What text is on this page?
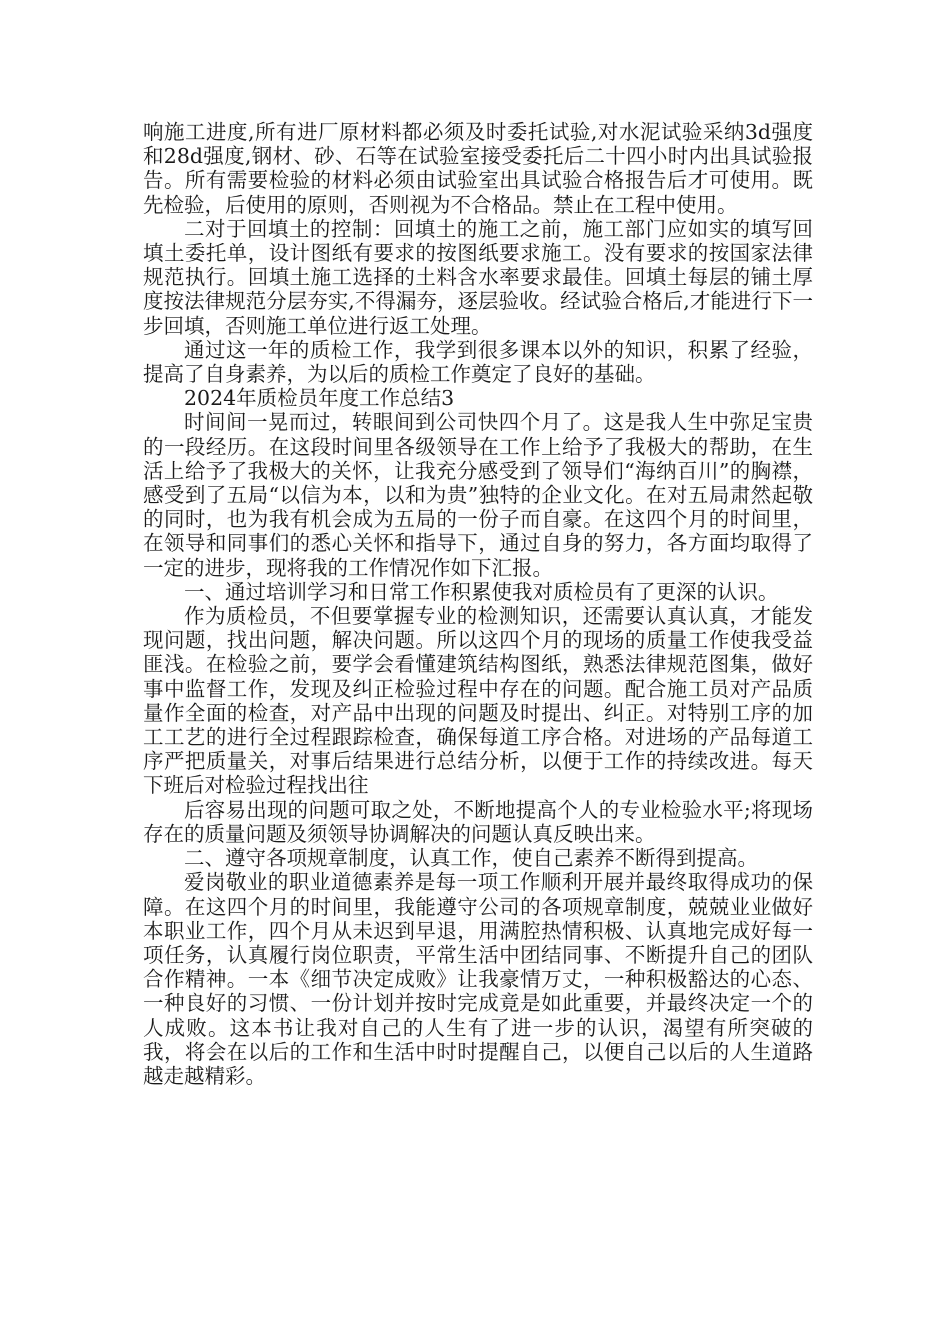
响施工进度,所有进厂原材料都必须及时委托试验,对水泥试验采纳3d强度和28d强度,钢材、砂、石等在试验室接受委托后二十四小时内出具试验报告。所有需要检验的材料必须由试验室出具试验合格报告后才可使用。既先检验，后使用的原则，否则视为不合格品。禁止在工程中使用。

二对于回填土的控制：回填土的施工之前，施工部门应如实的填写回填土委托单，设计图纸有要求的按图纸要求施工。没有要求的按国家法律规范执行。回填土施工选择的土料含水率要求最佳。回填土每层的铺土厚度按法律规范分层夯实,不得漏夯，逐层验收。经试验合格后,才能进行下一步回填，否则施工单位进行返工处理。

通过这一年的质检工作，我学到很多课本以外的知识，积累了经验，提高了自身素养，为以后的质检工作奠定了良好的基础。

2024年质检员年度工作总结3

时间间一晃而过，转眼间到公司快四个月了。这是我人生中弥足宝贵的一段经历。在这段时间里各级领导在工作上给予了我极大的帮助，在生活上给予了我极大的关怀，让我充分感受到了领导们“海纳百川”的胸襟，感受到了五局“以信为本，以和为贵”独特的企业文化。在对五局肃然起敬的同时，也为我有机会成为五局的一份子而自豪。在这四个月的时间里，在领导和同事们的悉心关怀和指导下，通过自身的努力，各方面均取得了一定的进步，现将我的工作情况作如下汇报。

一、通过培训学习和日常工作积累使我对质检员有了更深的认识。

作为质检员，不但要掌握专业的检测知识，还需要认真认真，才能发现问题，找出问题，解决问题。所以这四个月的现场的质量工作使我受益匪浅。在检验之前，要学会看懂建筑结构图纸，熟悉法律规范图集，做好事中监督工作，发现及纠正检验过程中存在的问题。配合施工员对产品质量作全面的检查，对产品中出现的问题及时提出、纠正。对特别工序的加工工艺的进行全过程跟踪检查，确保每道工序合格。对进场的产品每道工序严把质量关，对事后结果进行总结分析，以便于工作的持续改进。每天下班后对检验过程找出往

后容易出现的问题可取之处，不断地提高个人的专业检验水平;将现场存在的质量问题及须领导协调解决的问题认真反映出来。

二、遵守各项规章制度，认真工作，使自己素养不断得到提高。

爱岗敬业的职业道德素养是每一项工作顺利开展并最终取得成功的保障。在这四个月的时间里，我能遵守公司的各项规章制度，兢兢业业做好本职业工作，四个月从未迟到早退，用满腔热情积极、认真地完成好每一项任务，认真履行岗位职责，平常生活中团结同事、不断提升自己的团队合作精神。一本《细节决定成败》让我豪情万丈，一种积极豁达的心态、一种良好的习惯、一份计划并按时完成竟是如此重要，并最终决定一个的人成败。这本书让我对自己的人生有了进一步的认识，渴望有所突破的我，将会在以后的工作和生活中时时提醒自己，以便自己以后的人生道路越走越精彩。
